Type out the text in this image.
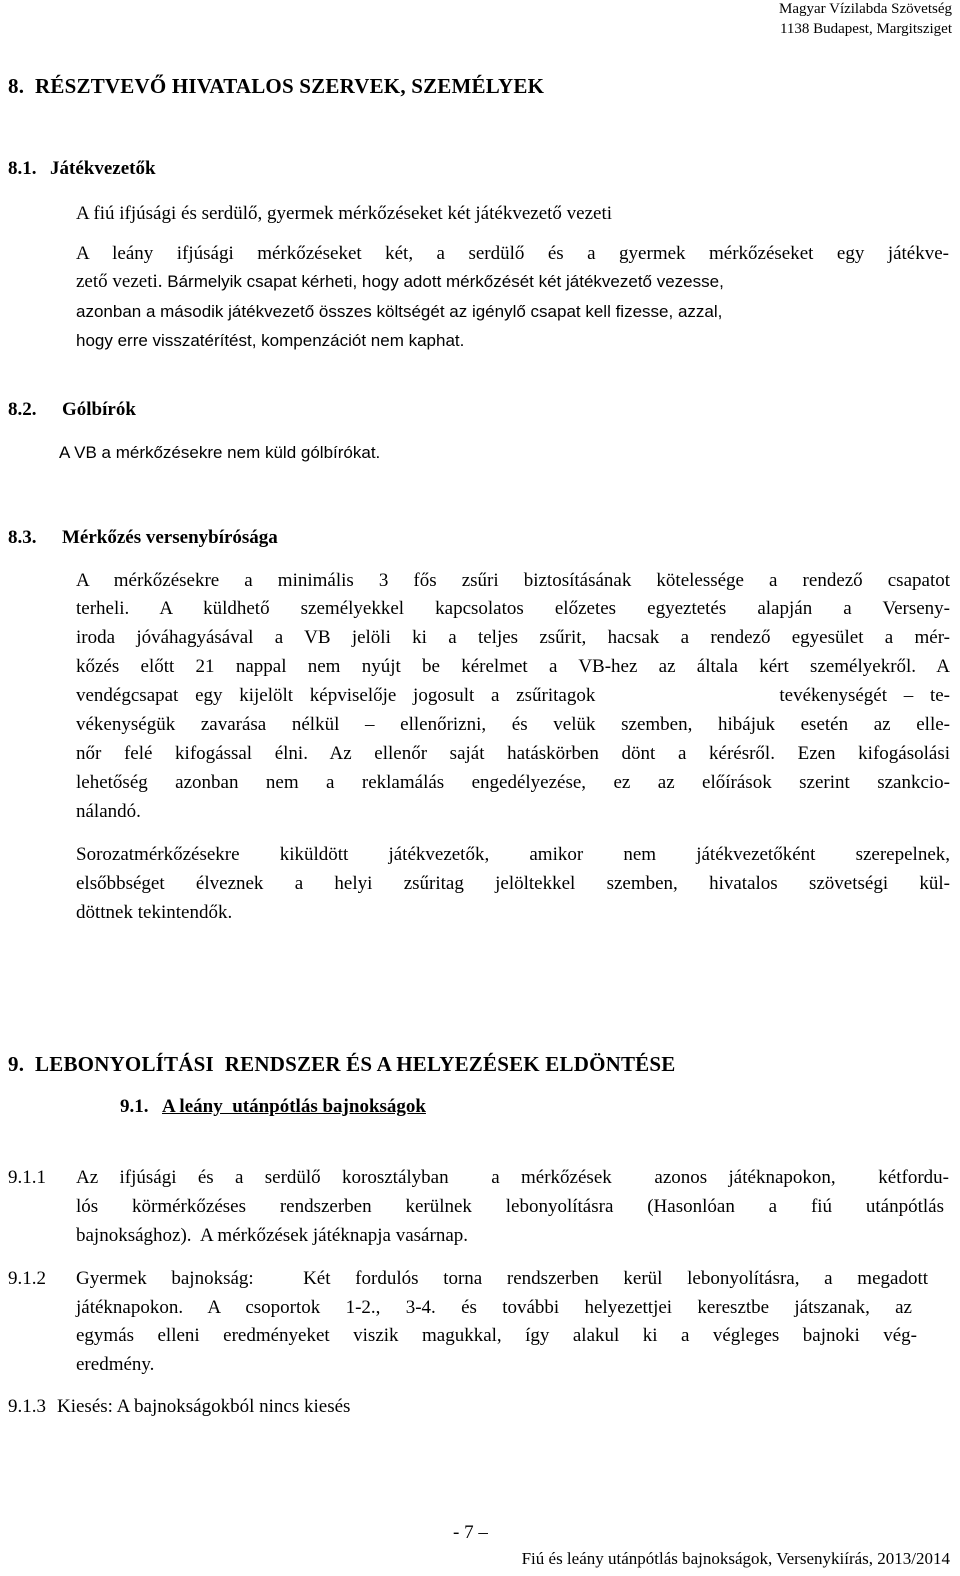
Magyar Vízilabda Szövetség
1138 Budapest, Margitsziget
8.  RÉSZTVEVŐ HIVATALOS SZERVEK, SZEMÉLYEK
8.1. Játékvezetők
A fiú ifjúsági és serdülő, gyermek mérkőzéseket két játékvezető vezeti
A leány ifjúsági mérkőzéseket két, a serdülő és a gyermek mérkőzéseket egy játékve-
zető vezeti. Bármelyik csapat kérheti, hogy adott mérkőzését két játékvezető vezesse,
azonban a második játékvezető összes költségét az igénylő csapat kell fizesse, azzal,
hogy erre visszatérítést, kompenzációt nem kaphat.
8.2. Gólbírók
A VB a mérkőzésekre nem küld gólbírókat.
8.3. Mérkőzés versenybírósága
A mérkőzésekre a minimális 3 fős zsűri biztosításának kötelessége a rendező csapatot
terheli. A küldhető személyekkel kapcsolatos előzetes egyeztetés alapján a Verseny-
iroda jóváhagyásával a VB jelöli ki a teljes zsűrit, hacsak a rendező egyesület a mér-
kőzés előtt 21 nappal nem nyújt be kérelmet a VB-hez az általa kért személyekről. A
vendégcsapat egy kijelölt képviselője jogosult a zsűritagok           tevékenységét – te-
vékenységük zavarása nélkül – ellenőrizni, és velük szemben, hibájuk esetén az elle-
nőr felé kifogással élni. Az ellenőr saját hatáskörben dönt a kérésről. Ezen kifogásolási
lehetőség azonban nem a reklamálás engedélyezése, ez az előírások szerint szankcio-
nálandó.
Sorozatmérkőzésekre kiküldött játékvezetők, amikor nem játékvezetőként szerepelnek,
elsőbbséget élveznek a helyi zsűritag jelöltekkel szemben, hivatalos szövetségi kül-
döttnek tekintendők.
9.  LEBONYOLÍTÁSI  RENDSZER ÉS A HELYEZÉSEK ELDÖNTÉSE
9.1. A leány  utánpótlás bajnokságok
9.1.1 Az ifjúsági és a serdülő korosztályban  a mérkőzések  azonos játéknapokon,  kétfordu-
lós körmérkőzéses rendszerben kerülnek lebonyolításra (Hasonlóan a fiú utánpótlás
bajnoksághoz).  A mérkőzések játéknapja vasárnap.
9.1.2 Gyermek bajnokság:  Két fordulós torna rendszerben kerül lebonyolításra, a megadott
játéknapokon. A csoportok 1-2., 3-4. és további helyezettjei keresztbe játszanak, az
egymás elleni eredményeket viszik magukkal, így alakul ki a végleges bajnoki vég-
eredmény.
9.1.3 Kiesés: A bajnokságokból nincs kiesés
- 7 –
Fiú és leány utánpótlás bajnokságok, Versenykiírás, 2013/2014
